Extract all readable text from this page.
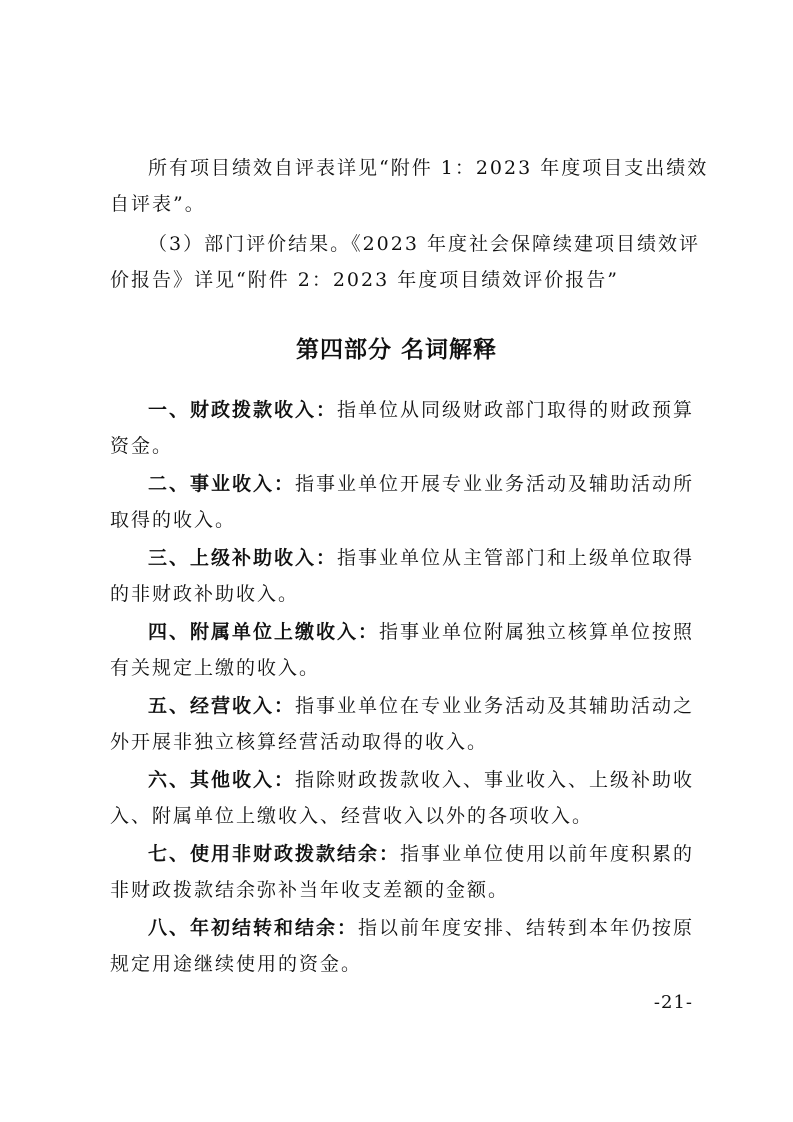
所有项目绩效自评表详见“附件 1：2023 年度项目支出绩效
自评表”。

（3）部门评价结果。《2023 年度社会保障续建项目绩效评
价报告》详见“附件 2：2023 年度项目绩效评价报告”

第四部分 名词解释

一、财政拨款收入：指单位从同级财政部门取得的财政预算
资金。

二、事业收入：指事业单位开展专业业务活动及辅助活动所
取得的收入。

三、上级补助收入：指事业单位从主管部门和上级单位取得
的非财政补助收入。

四、附属单位上缴收入：指事业单位附属独立核算单位按照
有关规定上缴的收入。

五、经营收入：指事业单位在专业业务活动及其辅助活动之
外开展非独立核算经营活动取得的收入。

六、其他收入：指除财政拨款收入、事业收入、上级补助收
入、附属单位上缴收入、经营收入以外的各项收入。

七、使用非财政拨款结余：指事业单位使用以前年度积累的
非财政拨款结余弥补当年收支差额的金额。

八、年初结转和结余：指以前年度安排、结转到本年仍按原
规定用途继续使用的资金。

-21-
